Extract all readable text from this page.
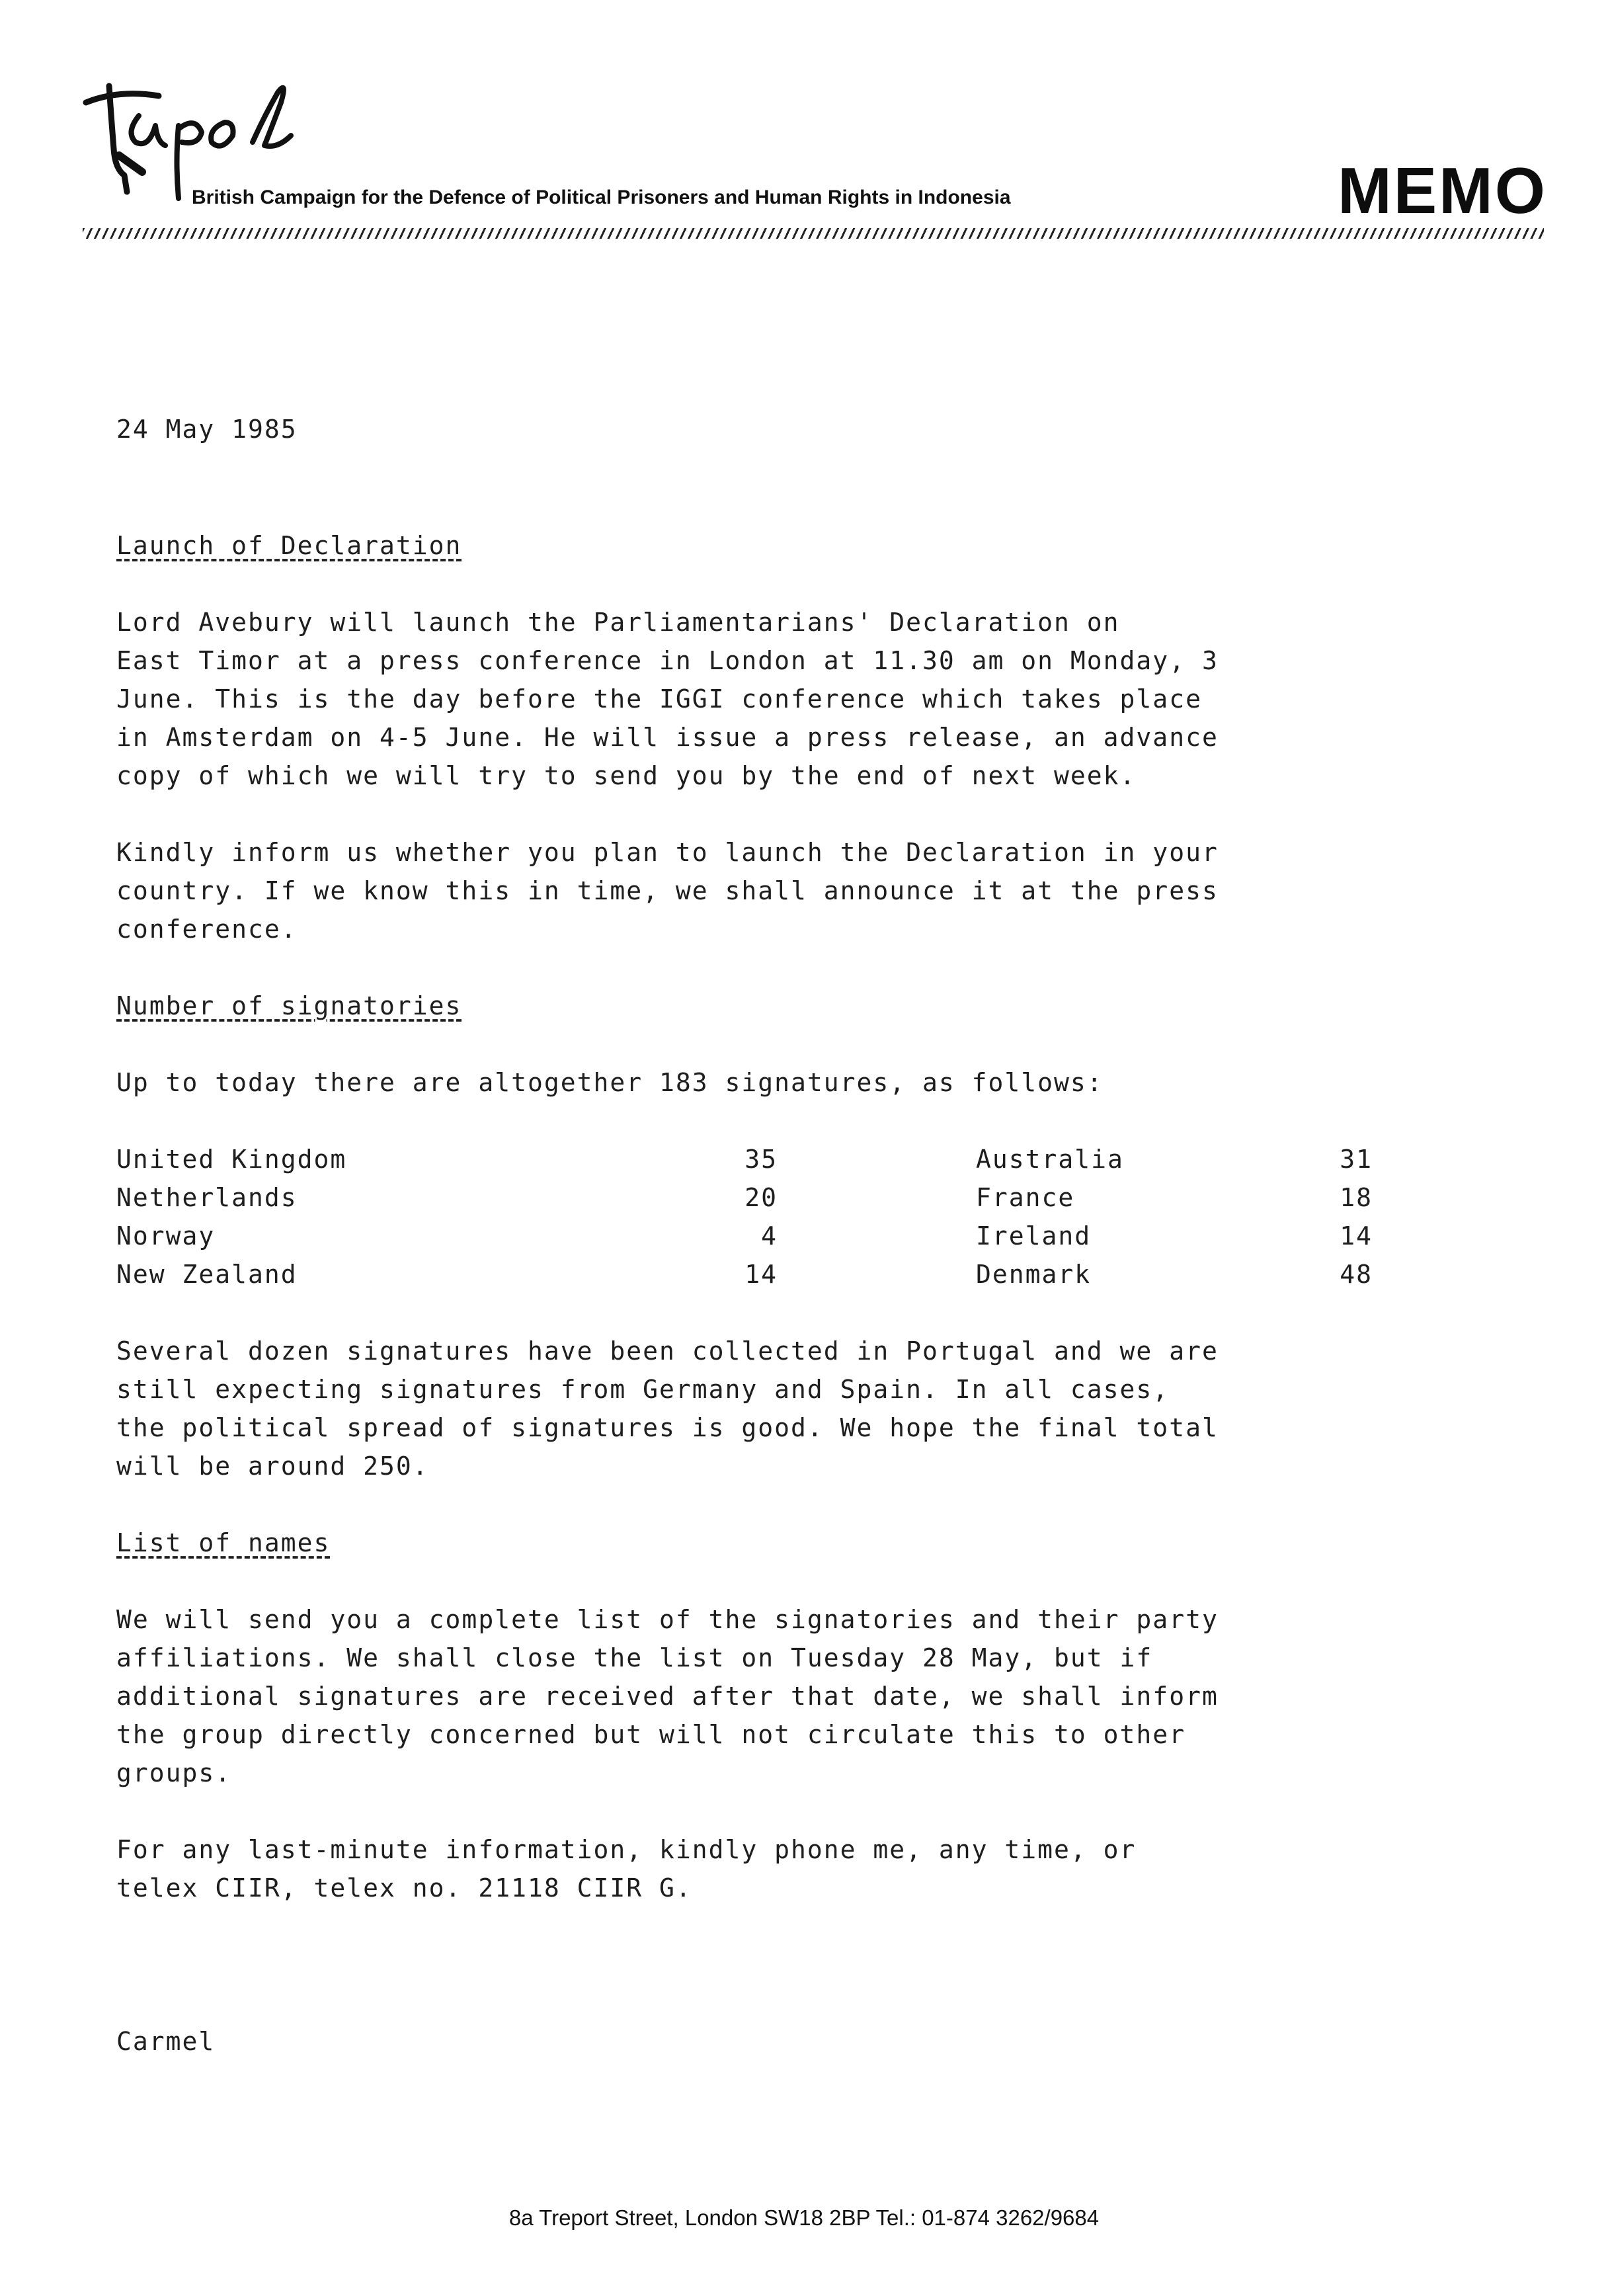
British Campaign for the Defence of Political Prisoners and Human Rights in Indonesia	MEMO
24 May 1985
Launch of Declaration
Lord Avebury will launch the Parliamentarians' Declaration on
East Timor at a press conference in London at 11.30 am on Monday, 3
June. This is the day before the IGGI conference which takes place
in Amsterdam on 4-5 June. He will issue a press release, an advance
copy of which we will try to send you by the end of next week.
Kindly inform us whether you plan to launch the Declaration in your
country. If we know this in time, we shall announce it at the press
conference.
Number of signatories
Up to today there are altogether 183 signatures, as follows:
United Kingdom	35	Australia	31
Netherlands	20	France	18
Norway	4	Ireland	14
New Zealand	14	Denmark	48
Several dozen signatures have been collected in Portugal and we are
still expecting signatures from Germany and Spain. In all cases,
the political spread of signatures is good. We hope the final total
will be around 250.
List of names
We will send you a complete list of the signatories and their party
affiliations. We shall close the list on Tuesday 28 May, but if
additional signatures are received after that date, we shall inform
the group directly concerned but will not circulate this to other
groups.
For any last-minute information, kindly phone me, any time, or
telex CIIR, telex no. 21118 CIIR G.
Carmel
8a Treport Street, London SW18 2BP Tel.: 01-874 3262/9684
